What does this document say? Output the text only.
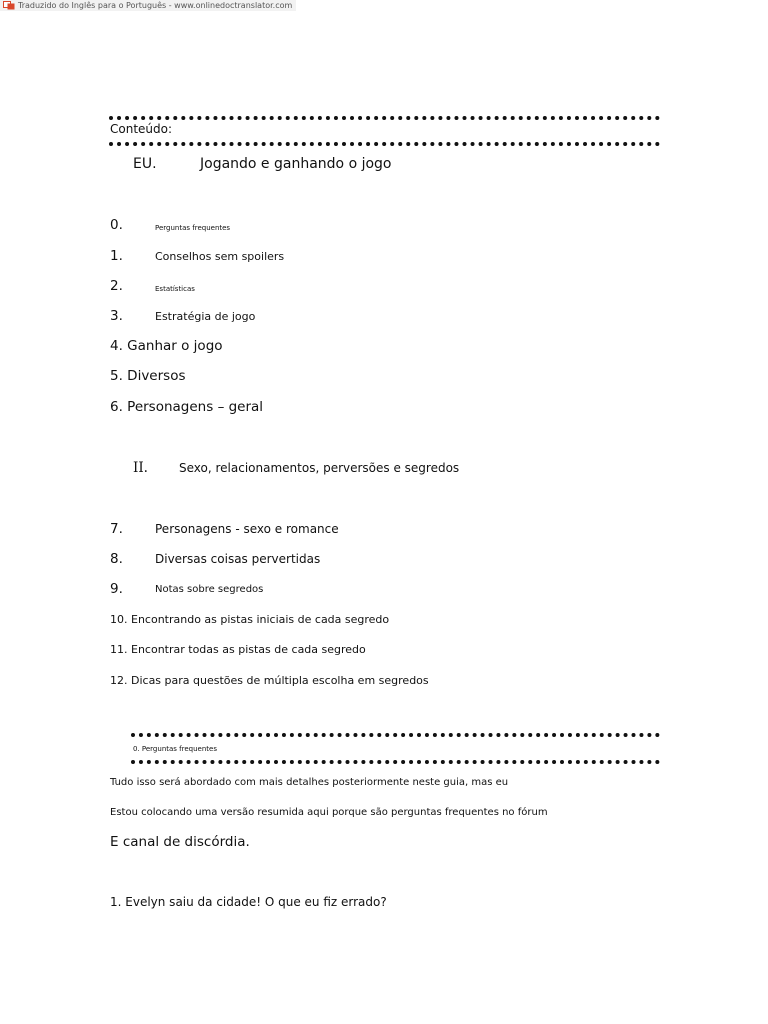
Traduzido do Inglês para o Português - www.onlinedoctranslator.com
Conteúdo:
EU.	Jogando e ganhando o jogo
0.	Perguntas frequentes
1.	Conselhos sem spoilers
2.	Estatísticas
3.	Estratégia de jogo
4. Ganhar o jogo
5. Diversos
6. Personagens – geral
II.	Sexo, relacionamentos, perversões e segredos
7.	Personagens - sexo e romance
8.	Diversas coisas pervertidas
9.	Notas sobre segredos
10. Encontrando as pistas iniciais de cada segredo
11. Encontrar todas as pistas de cada segredo
12. Dicas para questões de múltipla escolha em segredos
0. Perguntas frequentes
Tudo isso será abordado com mais detalhes posteriormente neste guia, mas eu
Estou colocando uma versão resumida aqui porque são perguntas frequentes no fórum
E canal de discórdia.
1. Evelyn saiu da cidade! O que eu fiz errado?
